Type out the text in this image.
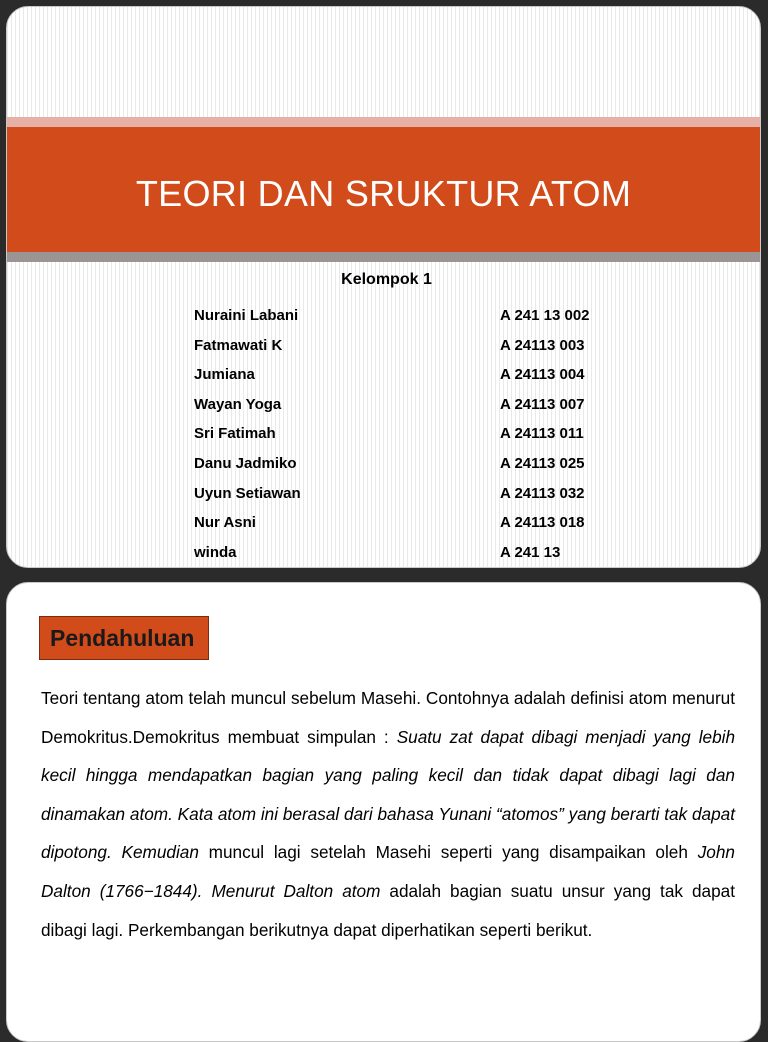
TEORI DAN SRUKTUR ATOM
Kelompok 1
Nuraini Labani	A 241 13 002
Fatmawati K	A 24113 003
Jumiana	A 24113 004
Wayan Yoga	A 24113 007
Sri Fatimah	A 24113 011
Danu Jadmiko	A 24113 025
Uyun Setiawan	A 24113 032
Nur Asni	A 24113 018
winda	A 241 13
Pendahuluan

Teori tentang atom telah muncul sebelum Masehi. Contohnya adalah definisi atom menurut Demokritus.Demokritus membuat simpulan : Suatu zat dapat dibagi menjadi yang lebih kecil hingga mendapatkan bagian yang paling kecil dan tidak dapat dibagi lagi dan dinamakan atom. Kata atom ini berasal dari bahasa Yunani “atomos” yang berarti tak dapat dipotong. Kemudian muncul lagi setelah Masehi seperti yang disampaikan oleh John Dalton (1766−1844). Menurut Dalton atom adalah bagian suatu unsur yang tak dapat dibagi lagi. Perkembangan berikutnya dapat diperhatikan seperti berikut.
